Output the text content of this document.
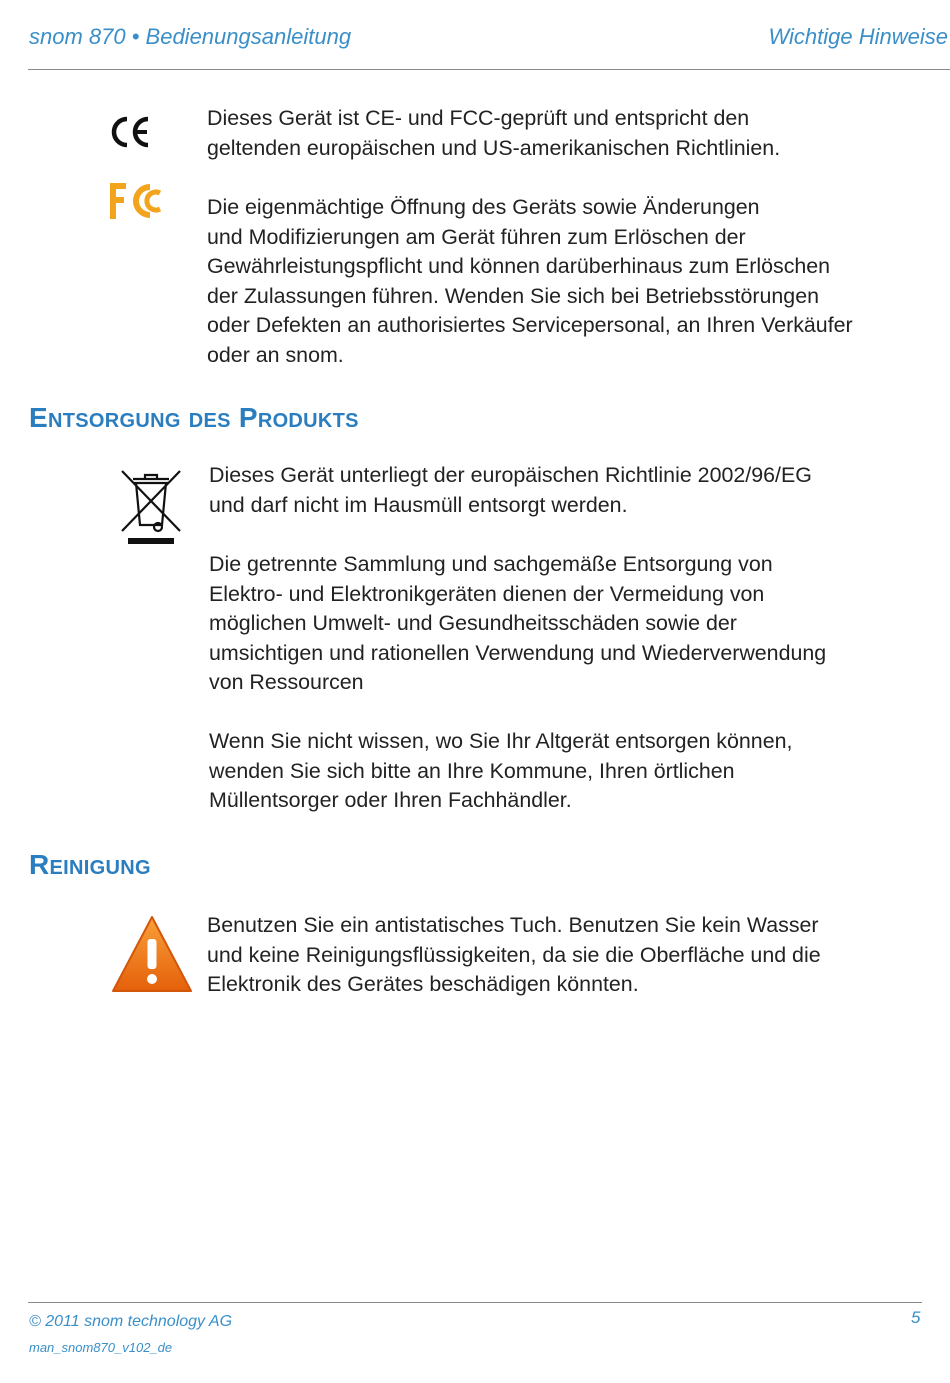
snom 870 • Bedienungsanleitung	Wichtige Hinweise
Dieses Gerät ist CE- und FCC-geprüft und entspricht den
geltenden europäischen und US-amerikanischen Richtlinien.
Die eigenmächtige Öffnung des Geräts sowie Änderungen
und Modifizierungen am Gerät führen zum Erlöschen der
Gewährleistungspflicht und können darüberhinaus zum Erlöschen
der Zulassungen führen. Wenden Sie sich bei Betriebsstörungen
oder Defekten an authorisiertes Servicepersonal, an Ihren Verkäufer
oder an snom.
Entsorgung des Produkts
Dieses Gerät unterliegt der europäischen Richtlinie 2002/96/EG
und darf nicht im Hausmüll entsorgt werden.
Die getrennte Sammlung und sachgemäße Entsorgung von
Elektro- und Elektronikgeräten dienen der Vermeidung von
möglichen Umwelt- und Gesundheitsschäden sowie der
umsichtigen und rationellen Verwendung und Wiederverwendung
von Ressourcen
Wenn Sie nicht wissen, wo Sie Ihr Altgerät entsorgen können,
wenden Sie sich bitte an Ihre Kommune, Ihren örtlichen
Müllentsorger oder Ihren Fachhändler.
Reinigung
Benutzen Sie ein antistatisches Tuch. Benutzen Sie kein Wasser
und keine Reinigungsflüssigkeiten, da sie die Oberfläche und die
Elektronik des Gerätes beschädigen könnten.
© 2011 snom technology AG
man_snom870_v102_de
5
